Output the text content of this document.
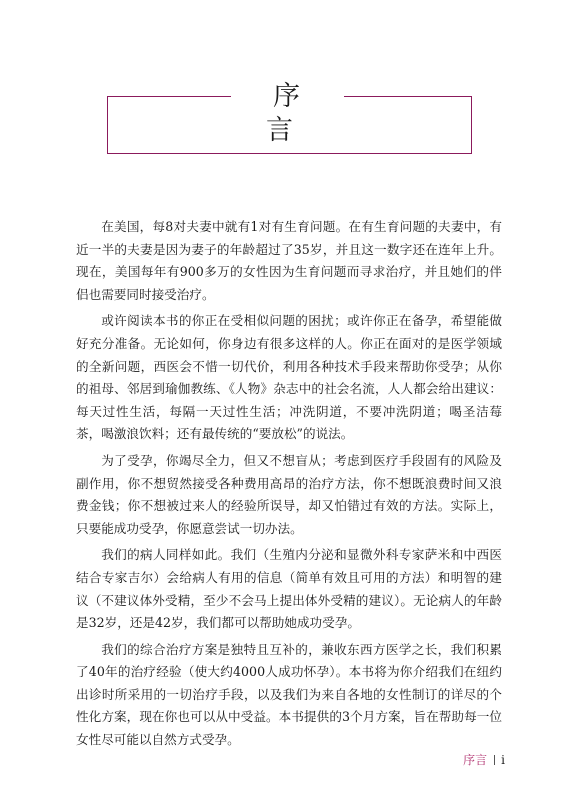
序 言

在美国，每8对夫妻中就有1对有生育问题。在有生育问题的夫妻中，有近一半的夫妻是因为妻子的年龄超过了35岁，并且这一数字还在连年上升。现在，美国每年有900多万的女性因为生育问题而寻求治疗，并且她们的伴侣也需要同时接受治疗。

或许阅读本书的你正在受相似问题的困扰；或许你正在备孕，希望能做好充分准备。无论如何，你身边有很多这样的人。你正在面对的是医学领域的全新问题，西医会不惜一切代价，利用各种技术手段来帮助你受孕；从你的祖母、邻居到瑜伽教练、《人物》杂志中的社会名流，人人都会给出建议：每天过性生活，每隔一天过性生活；冲洗阴道，不要冲洗阴道；喝圣洁莓茶，喝激浪饮料；还有最传统的“要放松”的说法。

为了受孕，你竭尽全力，但又不想盲从；考虑到医疗手段固有的风险及副作用，你不想贸然接受各种费用高昂的治疗方法，你不想既浪费时间又浪费金钱；你不想被过来人的经验所误导，却又怕错过有效的方法。实际上，只要能成功受孕，你愿意尝试一切办法。

我们的病人同样如此。我们（生殖内分泌和显微外科专家萨米和中西医结合专家吉尔）会给病人有用的信息（简单有效且可用的方法）和明智的建议（不建议体外受精，至少不会马上提出体外受精的建议）。无论病人的年龄是32岁，还是42岁，我们都可以帮助她成功受孕。

我们的综合治疗方案是独特且互补的，兼收东西方医学之长，我们积累了40年的治疗经验（使大约4000人成功怀孕）。本书将为你介绍我们在纽约出诊时所采用的一切治疗手段，以及我们为来自各地的女性制订的详尽的个性化方案，现在你也可以从中受益。本书提供的3个月方案，旨在帮助每一位女性尽可能以自然方式受孕。

序言 i
